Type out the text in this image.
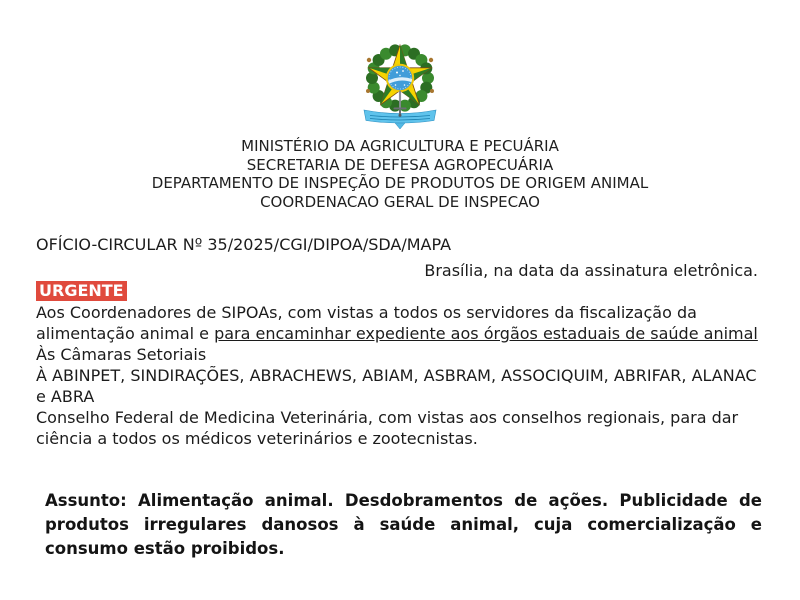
MINISTÉRIO DA AGRICULTURA E PECUÁRIA
SECRETARIA DE DEFESA AGROPECUÁRIA
DEPARTAMENTO DE INSPEÇÃO DE PRODUTOS DE ORIGEM ANIMAL
COORDENACAO GERAL DE INSPECAO
OFÍCIO-CIRCULAR Nº 35/2025/CGI/DIPOA/SDA/MAPA
Brasília, na data da assinatura eletrônica.
URGENTE
Aos Coordenadores de SIPOAs, com vistas a todos os servidores da fiscalização da alimentação animal e para encaminhar expediente aos órgãos estaduais de saúde animal
Às Câmaras Setoriais
À ABINPET, SINDIRAÇÕES, ABRACHEWS, ABIAM, ASBRAM, ASSOCIQUIM, ABRIFAR, ALANAC e ABRA
Conselho Federal de Medicina Veterinária, com vistas aos conselhos regionais, para dar ciência a todos os médicos veterinários e zootecnistas.
Assunto: Alimentação animal. Desdobramentos de ações. Publicidade de produtos irregulares danosos à saúde animal, cuja comercialização e consumo estão proibidos.
